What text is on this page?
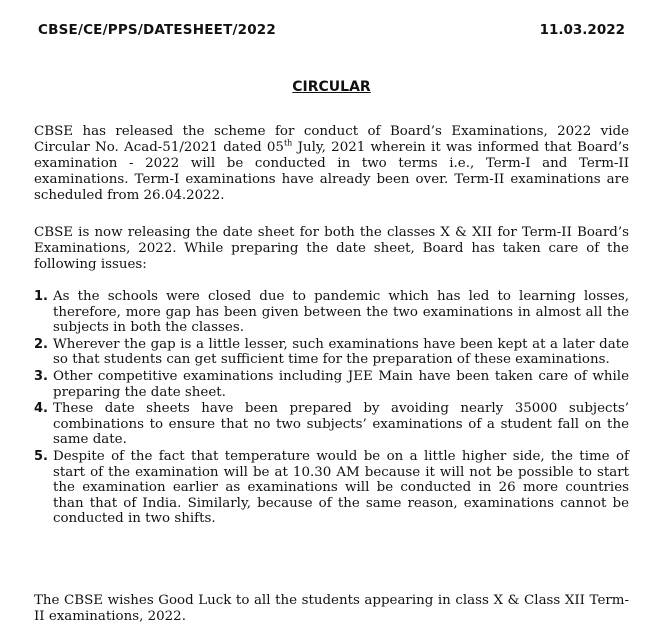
CBSE/CE/PPS/DATESHEET/2022	11.03.2022
CIRCULAR

CBSE has released the scheme for conduct of Board’s Examinations, 2022 vide Circular No. Acad-51/2021 dated 05th July, 2021 wherein it was informed that Board’s examination - 2022 will be conducted in two terms i.e., Term-I and Term-II examinations. Term-I examinations have already been over. Term-II examinations are scheduled from 26.04.2022.

CBSE is now releasing the date sheet for both the classes X & XII for Term-II Board’s Examinations, 2022. While preparing the date sheet, Board has taken care of the following issues:

1. As the schools were closed due to pandemic which has led to learning losses, therefore, more gap has been given between the two examinations in almost all the subjects in both the classes.
2. Wherever the gap is a little lesser, such examinations have been kept at a later date so that students can get sufficient time for the preparation of these examinations.
3. Other competitive examinations including JEE Main have been taken care of while preparing the date sheet.
4. These date sheets have been prepared by avoiding nearly 35000 subjects’ combinations to ensure that no two subjects’ examinations of a student fall on the same date.
5. Despite of the fact that temperature would be on a little higher side, the time of start of the examination will be at 10.30 AM because it will not be possible to start the examination earlier as examinations will be conducted in 26 more countries than that of India. Similarly, because of the same reason, examinations cannot be conducted in two shifts.

The CBSE wishes Good Luck to all the students appearing in class X & Class XII Term-II examinations, 2022.
